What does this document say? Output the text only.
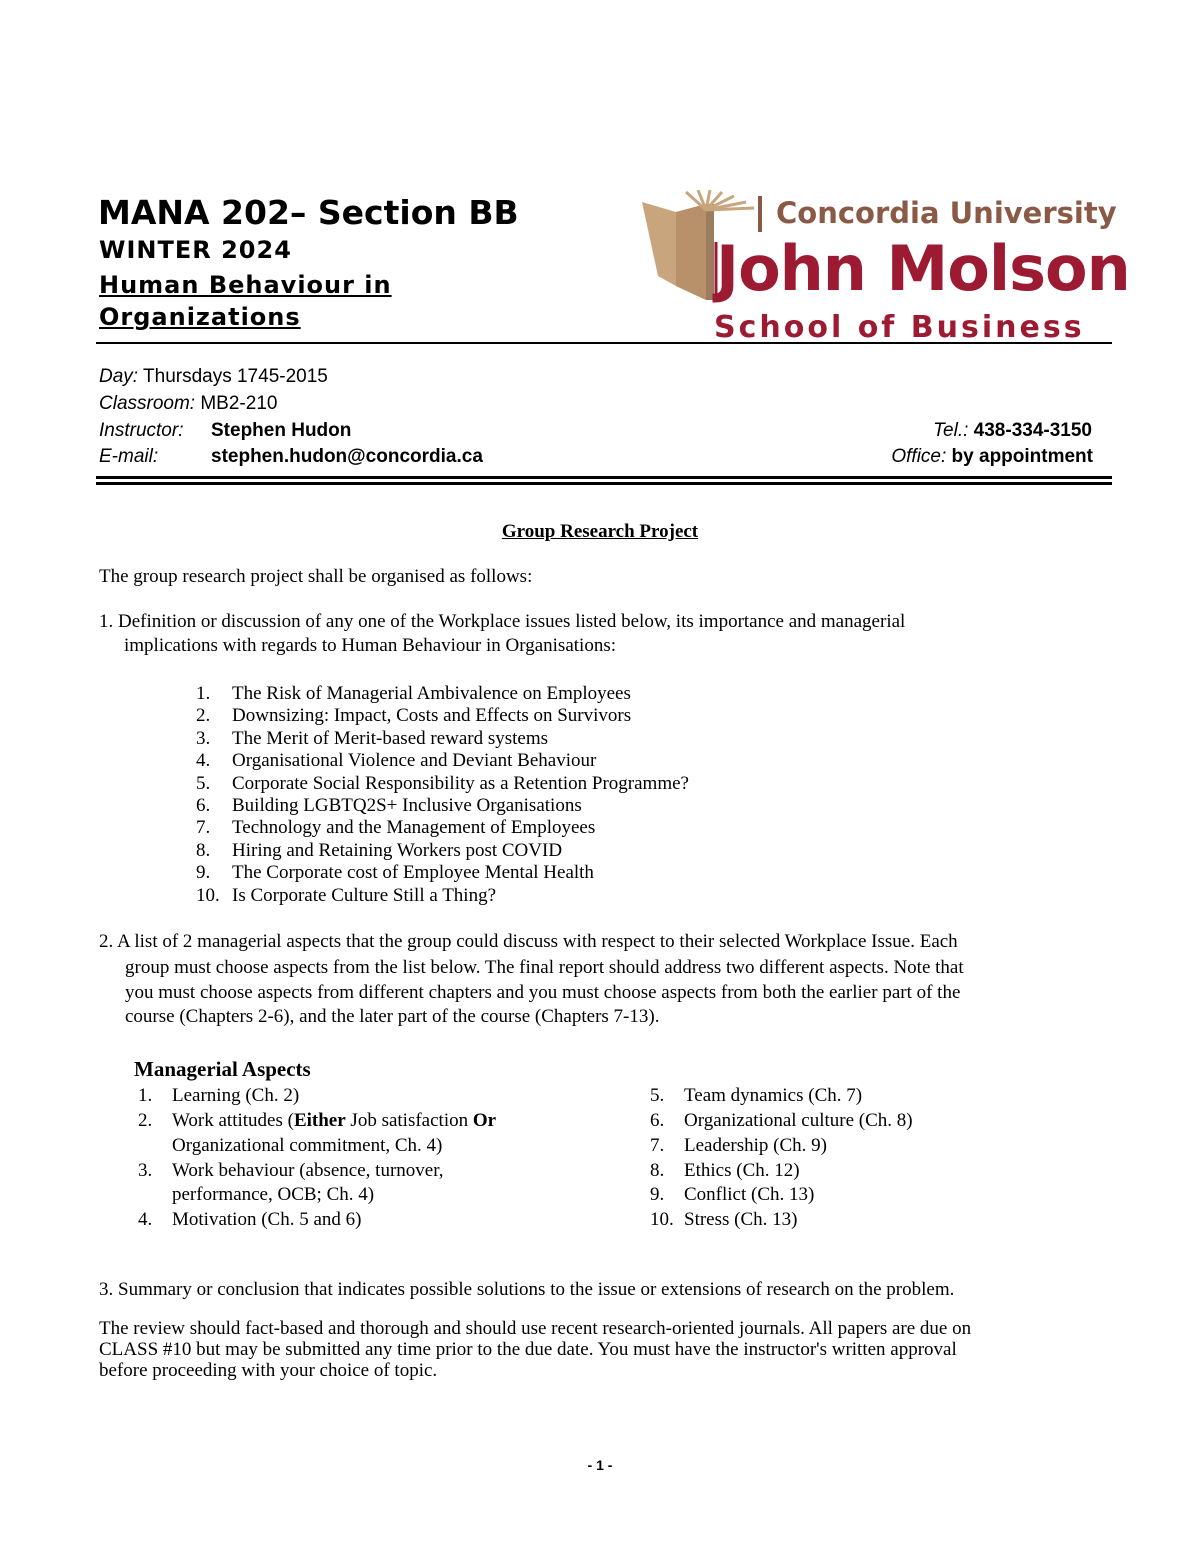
MANA 202– Section BB
WINTER 2024
Human Behaviour in Organizations
Concordia University
John Molson
School of Business
Day: Thursdays 1745-2015
Classroom: MB2-210
Instructor: Stephen Hudon
E-mail:	stephen.hudon@concordia.ca
Tel.: 438-334-3150
Office: by appointment
Group Research Project
The group research project shall be organised as follows:
1. Definition or discussion of any one of the Workplace issues listed below, its importance and managerial
implications with regards to Human Behaviour in Organisations:
1.	The Risk of Managerial Ambivalence on Employees
2.	Downsizing: Impact, Costs and Effects on Survivors
3.	The Merit of Merit-based reward systems
4.	Organisational Violence and Deviant Behaviour
5.	Corporate Social Responsibility as a Retention Programme?
6.	Building LGBTQ2S+ Inclusive Organisations
7.	Technology and the Management of Employees
8.	Hiring and Retaining Workers post COVID
9.	The Corporate cost of Employee Mental Health
10. Is Corporate Culture Still a Thing?
2. A list of 2 managerial aspects that the group could discuss with respect to their selected Workplace Issue. Each
group must choose aspects from the list below. The final report should address two different aspects. Note that
you must choose aspects from different chapters and you must choose aspects from both the earlier part of the
course (Chapters 2-6), and the later part of the course (Chapters 7-13).
Managerial Aspects
1.	Learning (Ch. 2)
2.	Work attitudes (Either Job satisfaction Or
Organizational commitment, Ch. 4)
3.	Work behaviour (absence, turnover,
performance, OCB; Ch. 4)
4.	Motivation (Ch. 5 and 6)
5.	Team dynamics (Ch. 7)
6.	Organizational culture (Ch. 8)
7.	Leadership (Ch. 9)
8.	Ethics (Ch. 12)
9.	Conflict (Ch. 13)
10. Stress (Ch. 13)
3. Summary or conclusion that indicates possible solutions to the issue or extensions of research on the problem.
The review should fact-based and thorough and should use recent research-oriented journals. All papers are due on
CLASS #10 but may be submitted any time prior to the due date. You must have the instructor's written approval
before proceeding with your choice of topic.
- 1 -
